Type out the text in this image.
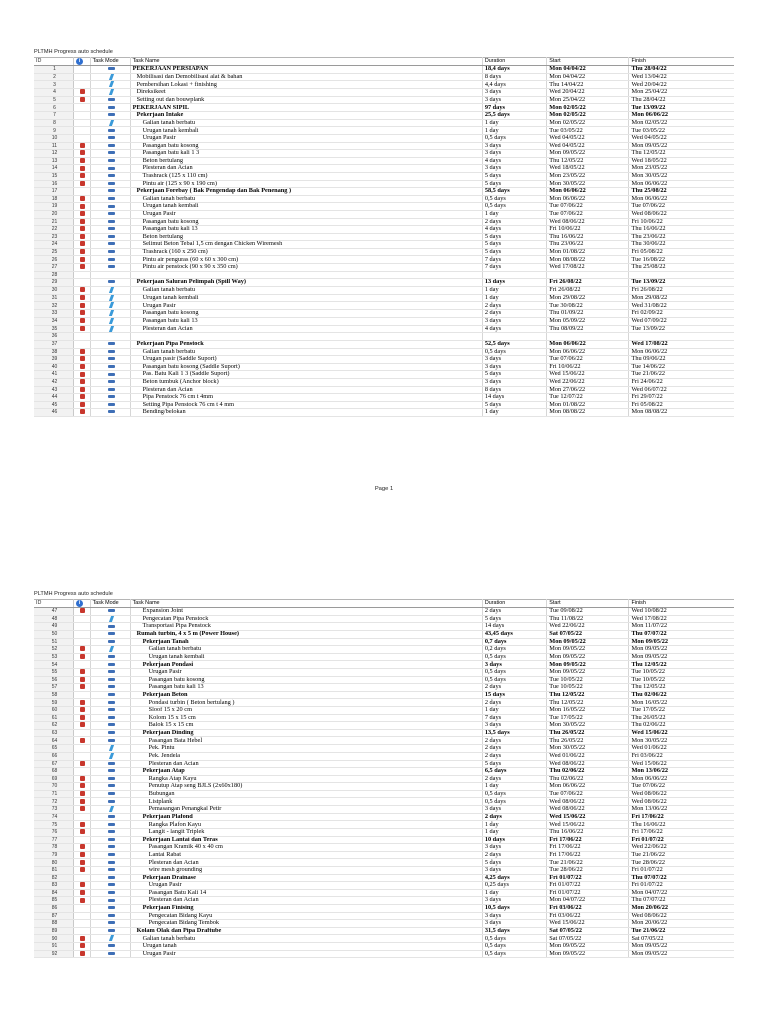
PLTMH Progress auto schedule
ID	i	Task Mode	Task Name	Duration	Start	Finish
1			PEKERJAAN PERSIAPAN	18,4 days	Mon 04/04/22	Thu 28/04/22
2			Mobilisasi dan Demobilisasi alat & bahan	8 days	Mon 04/04/22	Wed 13/04/22
3			Pembersihan Lokasi + finishing	4,4 days	Thu 14/04/22	Wed 20/04/22
4			Direksikeet	3 days	Wed 20/04/22	Mon 25/04/22
5			Setting out dan bouwplank	3 days	Mon 25/04/22	Thu 28/04/22
6			PEKERJAAN SIPIL	97 days	Mon 02/05/22	Tue 13/09/22
7			Pekerjaan Intake	25,5 days	Mon 02/05/22	Mon 06/06/22
8			Galian tanah berbatu	1 day	Mon 02/05/22	Mon 02/05/22
9			Urugan tanah kembali	1 day	Tue 03/05/22	Tue 03/05/22
10			Urugan Pasir	0,5 days	Wed 04/05/22	Wed 04/05/22
11			Pasangan batu kosong	3 days	Wed 04/05/22	Mon 09/05/22
12			Pasangan batu kali 1 3	3 days	Mon 09/05/22	Thu 12/05/22
13			Beton bertulang	4 days	Thu 12/05/22	Wed 18/05/22
14			Plesteran dan Acian	3 days	Wed 18/05/22	Mon 23/05/22
15			Trashrack (125 x 110 cm)	5 days	Mon 23/05/22	Mon 30/05/22
16			Pintu air (125 x 90 x 190 cm)	5 days	Mon 30/05/22	Mon 06/06/22
17			Pekerjaan Forebay ( Bak Pengendap dan Bak Penenang )	58,5 days	Mon 06/06/22	Thu 25/08/22
18			Galian tanah berbatu	0,5 days	Mon 06/06/22	Mon 06/06/22
19			Urugan tanah kembali	0,5 days	Tue 07/06/22	Tue 07/06/22
20			Urugan Pasir	1 day	Tue 07/06/22	Wed 08/06/22
21			Pasangan batu kosong	2 days	Wed 08/06/22	Fri 10/06/22
22			Pasangan batu kali 13	4 days	Fri 10/06/22	Thu 16/06/22
23			Beton bertulang	5 days	Thu 16/06/22	Thu 23/06/22
24			Selimut Beton Tebal 1,5 cm dengan Chicken Wiremesh	5 days	Thu 23/06/22	Thu 30/06/22
25			Trashrack (160 x 250 cm)	5 days	Mon 01/08/22	Fri 05/08/22
26			Pintu air penguras (60 x 60 x 300 cm)	7 days	Mon 08/08/22	Tue 16/08/22
27			Pintu air penstock (90 x 90 x 350 cm)	7 days	Wed 17/08/22	Thu 25/08/22
28						
29			Pekerjaan Saluran Pelimpah (Spill Way)	13 days	Fri 26/08/22	Tue 13/09/22
30			Galian tanah berbatu	1 day	Fri 26/08/22	Fri 26/08/22
31			Urugan tanah kembali	1 day	Mon 29/08/22	Mon 29/08/22
32			Urugan Pasir	2 days	Tue 30/08/22	Wed 31/08/22
33			Pasangan batu kosong	2 days	Thu 01/09/22	Fri 02/09/22
34			Pasangan batu kali 13	3 days	Mon 05/09/22	Wed 07/09/22
35			Plesteran dan Acian	4 days	Thu 08/09/22	Tue 13/09/22
36						
37			Pekerjaan Pipa Penstock	52,5 days	Mon 06/06/22	Wed 17/08/22
38			Galian tanah berbatu	0,5 days	Mon 06/06/22	Mon 06/06/22
39			Urugan pasir (Saddle Suport)	3 days	Tue 07/06/22	Thu 09/06/22
40			Pasangan batu kosong (Saddle Suport)	3 days	Fri 10/06/22	Tue 14/06/22
41			Pas. Batu Kali 1 3 (Saddle Suport)	5 days	Wed 15/06/22	Tue 21/06/22
42			Beton tumbuk (Anchor block)	3 days	Wed 22/06/22	Fri 24/06/22
43			Plesteran dan Acian	8 days	Mon 27/06/22	Wed 06/07/22
44			Pipa Penstock 76 cm t 4mm	14 days	Tue 12/07/22	Fri 29/07/22
45			Setting Pipa Penstock 76 cm t 4 mm	5 days	Mon 01/08/22	Fri 05/08/22
46			Bending/belokan	1 day	Mon 08/08/22	Mon 08/08/22
Page 1
PLTMH Progress auto schedule
ID	i	Task Mode	Task Name	Duration	Start	Finish
47			Expansion Joint	2 days	Tue 09/08/22	Wed 10/08/22
48			Pengecatan Pipa Penstock	5 days	Thu 11/08/22	Wed 17/08/22
49			Transportasi Pipa Penstock	14 days	Wed 22/06/22	Mon 11/07/22
50			Rumah turbin, 4 x 5 m (Power House)	43,45 days	Sat 07/05/22	Thu 07/07/22
51			Pekerjaan Tanah	0,7 days	Mon 09/05/22	Mon 09/05/22
52			Galian tanah berbatu	0,2 days	Mon 09/05/22	Mon 09/05/22
53			Urugan tanah kembali	0,5 days	Mon 09/05/22	Mon 09/05/22
54			Pekerjaan Pondasi	3 days	Mon 09/05/22	Thu 12/05/22
55			Urugan Pasir	0,5 days	Mon 09/05/22	Tue 10/05/22
56			Pasangan batu kosong	0,5 days	Tue 10/05/22	Tue 10/05/22
57			Pasangan batu kali 13	2 days	Tue 10/05/22	Thu 12/05/22
58			Pekerjaan Beton	15 days	Thu 12/05/22	Thu 02/06/22
59			Pondasi turbin ( Beton bertulang )	2 days	Thu 12/05/22	Mon 16/05/22
60			Sloof 15 x 20 cm	1 day	Mon 16/05/22	Tue 17/05/22
61			Kolom 15 x 15 cm	7 days	Tue 17/05/22	Thu 26/05/22
62			Balok 15 x 15 cm	3 days	Mon 30/05/22	Thu 02/06/22
63			Pekerjaan Dinding	13,5 days	Thu 26/05/22	Wed 15/06/22
64			Pasangan Bata Hebel	2 days	Thu 26/05/22	Mon 30/05/22
65			Pek. Pintu	2 days	Mon 30/05/22	Wed 01/06/22
66			Pek. Jendela	2 days	Wed 01/06/22	Fri 03/06/22
67			Plesteran dan Acian	5 days	Wed 08/06/22	Wed 15/06/22
68			Pekerjaan Atap	6,5 days	Thu 02/06/22	Mon 13/06/22
69			Rangka Atap Kayu	2 days	Thu 02/06/22	Mon 06/06/22
70			Penutup Atap seng BJLS (2x60x180)	1 day	Mon 06/06/22	Tue 07/06/22
71			Bubungan	0,5 days	Tue 07/06/22	Wed 08/06/22
72			Listplank	0,5 days	Wed 08/06/22	Wed 08/06/22
73			Pemasangan Penangkal Petir	3 days	Wed 08/06/22	Mon 13/06/22
74			Pekerjaan Plafond	2 days	Wed 15/06/22	Fri 17/06/22
75			Rangka Plafon Kayu	1 day	Wed 15/06/22	Thu 16/06/22
76			Langit - langit Triplek	1 day	Thu 16/06/22	Fri 17/06/22
77			Pekerjaan Lantai dan Teras	10 days	Fri 17/06/22	Fri 01/07/22
78			Pasangan Kramik 40 x 40 cm	3 days	Fri 17/06/22	Wed 22/06/22
79			Lantai Rabat	2 days	Fri 17/06/22	Tue 21/06/22
80			Plesteran dan Acian	5 days	Tue 21/06/22	Tue 28/06/22
81			wire mesh grounding	3 days	Tue 28/06/22	Fri 01/07/22
82			Pekerjaan Drainase	4,25 days	Fri 01/07/22	Thu 07/07/22
83			Urugan Pasir	0,25 days	Fri 01/07/22	Fri 01/07/22
84			Pasangan Batu Kali 14	1 day	Fri 01/07/22	Mon 04/07/22
85			Plesteran dan Acian	3 days	Mon 04/07/22	Thu 07/07/22
86			Pekerjaan Finising	10,5 days	Fri 03/06/22	Mon 20/06/22
87			Pengecatan Bidang Kayu	3 days	Fri 03/06/22	Wed 08/06/22
88			Pengecatan Bidang Tembok	3 days	Wed 15/06/22	Mon 20/06/22
89			Kolam Olak dan Pipa Draftube	31,5 days	Sat 07/05/22	Tue 21/06/22
90			Galian tanah berbatu	0,5 days	Sat 07/05/22	Sat 07/05/22
91			Urugan tanah	0,5 days	Mon 09/05/22	Mon 09/05/22
92			Urugan Pasir	0,5 days	Mon 09/05/22	Mon 09/05/22
